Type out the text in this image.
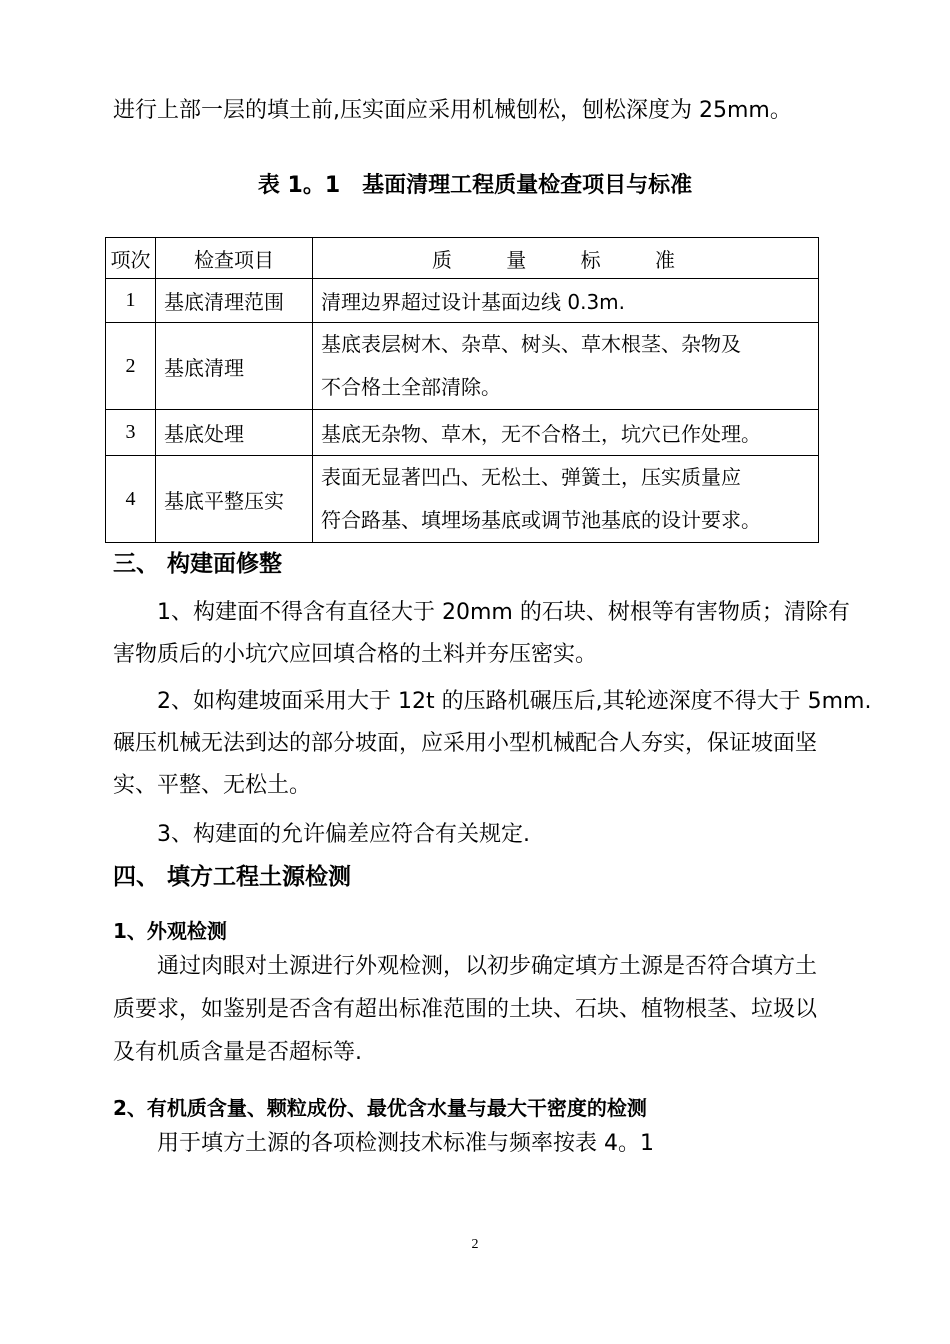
进行上部一层的填土前,压实面应采用机械刨松，刨松深度为 25mm。
表 1。1　基面清理工程质量检查项目与标准
项次	检查项目	质 量 标 准
1	基底清理范围	清理边界超过设计基面边线 0.3m.
2	基底清理	基底表层树木、杂草、树头、草木根茎、杂物及
不合格土全部清除。

3	基底处理	基底无杂物、草木，无不合格土，坑穴已作处理。
4	基底平整压实	表面无显著凹凸、无松土、弹簧土，压实质量应
符合路基、填埋场基底或调节池基底的设计要求。
三、 构建面修整
1、构建面不得含有直径大于 20mm 的石块、树根等有害物质；清除有
害物质后的小坑穴应回填合格的土料并夯压密实。
2、如构建坡面采用大于 12t 的压路机碾压后,其轮迹深度不得大于 5mm.
碾压机械无法到达的部分坡面，应采用小型机械配合人夯实，保证坡面坚
实、平整、无松土。
3、构建面的允许偏差应符合有关规定.
四、 填方工程土源检测
1、外观检测
通过肉眼对土源进行外观检测，以初步确定填方土源是否符合填方土
质要求，如鉴别是否含有超出标准范围的土块、石块、植物根茎、垃圾以
及有机质含量是否超标等.
2、有机质含量、颗粒成份、最优含水量与最大干密度的检测
用于填方土源的各项检测技术标准与频率按表 4。1
2
